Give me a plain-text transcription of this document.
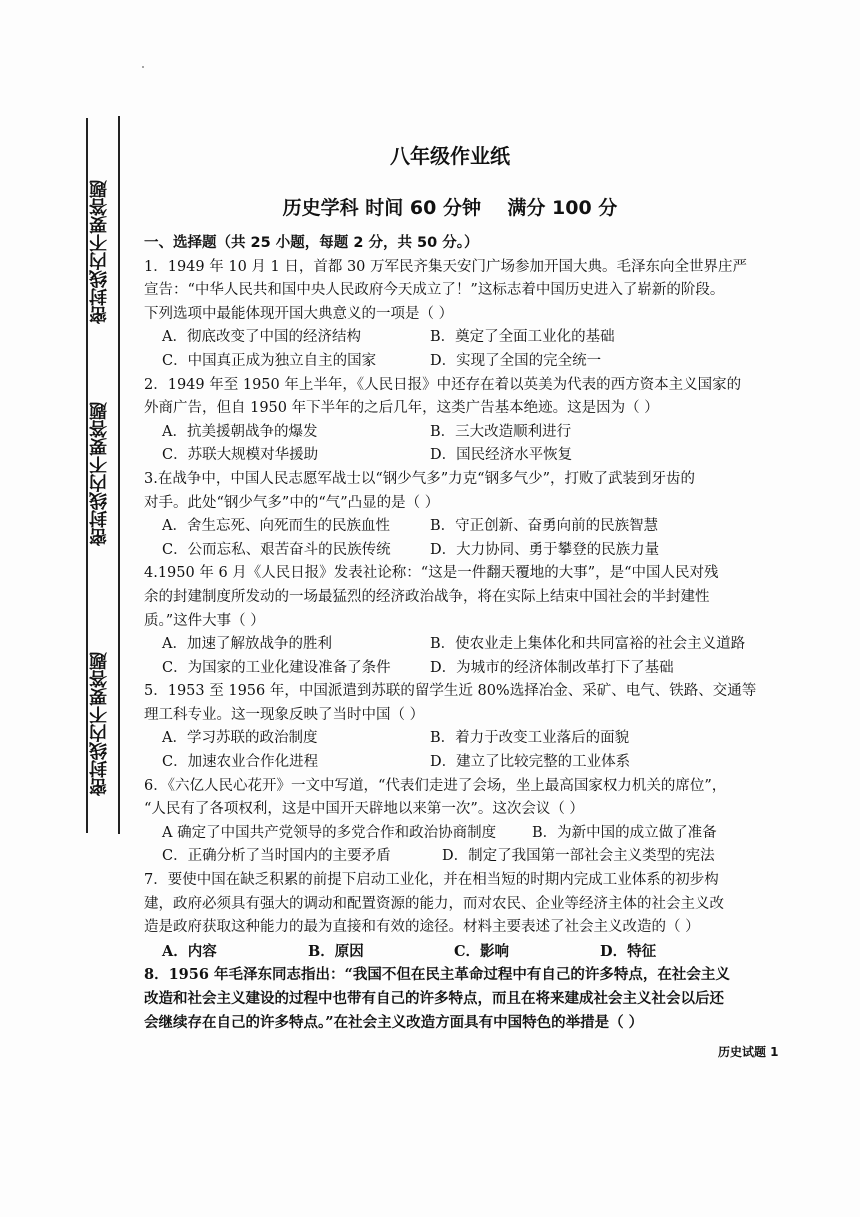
密封线内不要答题
密封线内不要答题
密封线内不要答题
八年级作业纸
历史学科 时间 60 分钟    满分 100 分
一、选择题（共 25 小题，每题 2 分，共 50 分。）
1．1949 年 10 月 1 日，首都 30 万军民齐集天安门广场参加开国大典。毛泽东向全世界庄严
宣告：“中华人民共和国中央人民政府今天成立了！”这标志着中国历史进入了崭新的阶段。
下列选项中最能体现开国大典意义的一项是（ ）
A．彻底改变了中国的经济结构	B．奠定了全面工业化的基础
C．中国真正成为独立自主的国家	D．实现了全国的完全统一
2．1949 年至 1950 年上半年，《人民日报》中还存在着以英美为代表的西方资本主义国家的
外商广告，但自 1950 年下半年的之后几年，这类广告基本绝迹。这是因为（ ）
A．抗美援朝战争的爆发	B．三大改造顺利进行
C．苏联大规模对华援助	D．国民经济水平恢复
3.在战争中，中国人民志愿军战士以“钢少气多”力克“钢多气少”，打败了武装到牙齿的
对手。此处“钢少气多”中的“气”凸显的是（ ）
A．舍生忘死、向死而生的民族血性	B．守正创新、奋勇向前的民族智慧
C．公而忘私、艰苦奋斗的民族传统	D．大力协同、勇于攀登的民族力量
4.1950 年 6 月《人民日报》发表社论称：“这是一件翻天覆地的大事”，是“中国人民对残
余的封建制度所发动的一场最猛烈的经济政治战争，将在实际上结束中国社会的半封建性
质。”这件大事（ ）
A．加速了解放战争的胜利	B．使农业走上集体化和共同富裕的社会主义道路
C．为国家的工业化建设准备了条件	D．为城市的经济体制改革打下了基础
5．1953 至 1956 年，中国派遣到苏联的留学生近 80%选择冶金、采矿、电气、铁路、交通等
理工科专业。这一现象反映了当时中国（ ）
A．学习苏联的政治制度	B．着力于改变工业落后的面貌
C．加速农业合作化进程	D．建立了比较完整的工业体系
6．《六亿人民心花开》一文中写道，“代表们走进了会场，坐上最高国家权力机关的席位”，
“人民有了各项权利，这是中国开天辟地以来第一次”。这次会议（ ）
A 确定了中国共产党领导的多党合作和政治协商制度	B．为新中国的成立做了准备
C．正确分析了当时国内的主要矛盾	D．制定了我国第一部社会主义类型的宪法
7．要使中国在缺乏积累的前提下启动工业化，并在相当短的时期内完成工业体系的初步构
建，政府必须具有强大的调动和配置资源的能力，而对农民、企业等经济主体的社会主义改
造是政府获取这种能力的最为直接和有效的途径。材料主要表述了社会主义改造的（ ）
A．内容	B．原因	C．影响	D．特征
8．1956 年毛泽东同志指出：“我国不但在民主革命过程中有自己的许多特点，在社会主义
改造和社会主义建设的过程中也带有自己的许多特点，而且在将来建成社会主义社会以后还
会继续存在自己的许多特点。”在社会主义改造方面具有中国特色的举措是（ ）
历史试题 1
